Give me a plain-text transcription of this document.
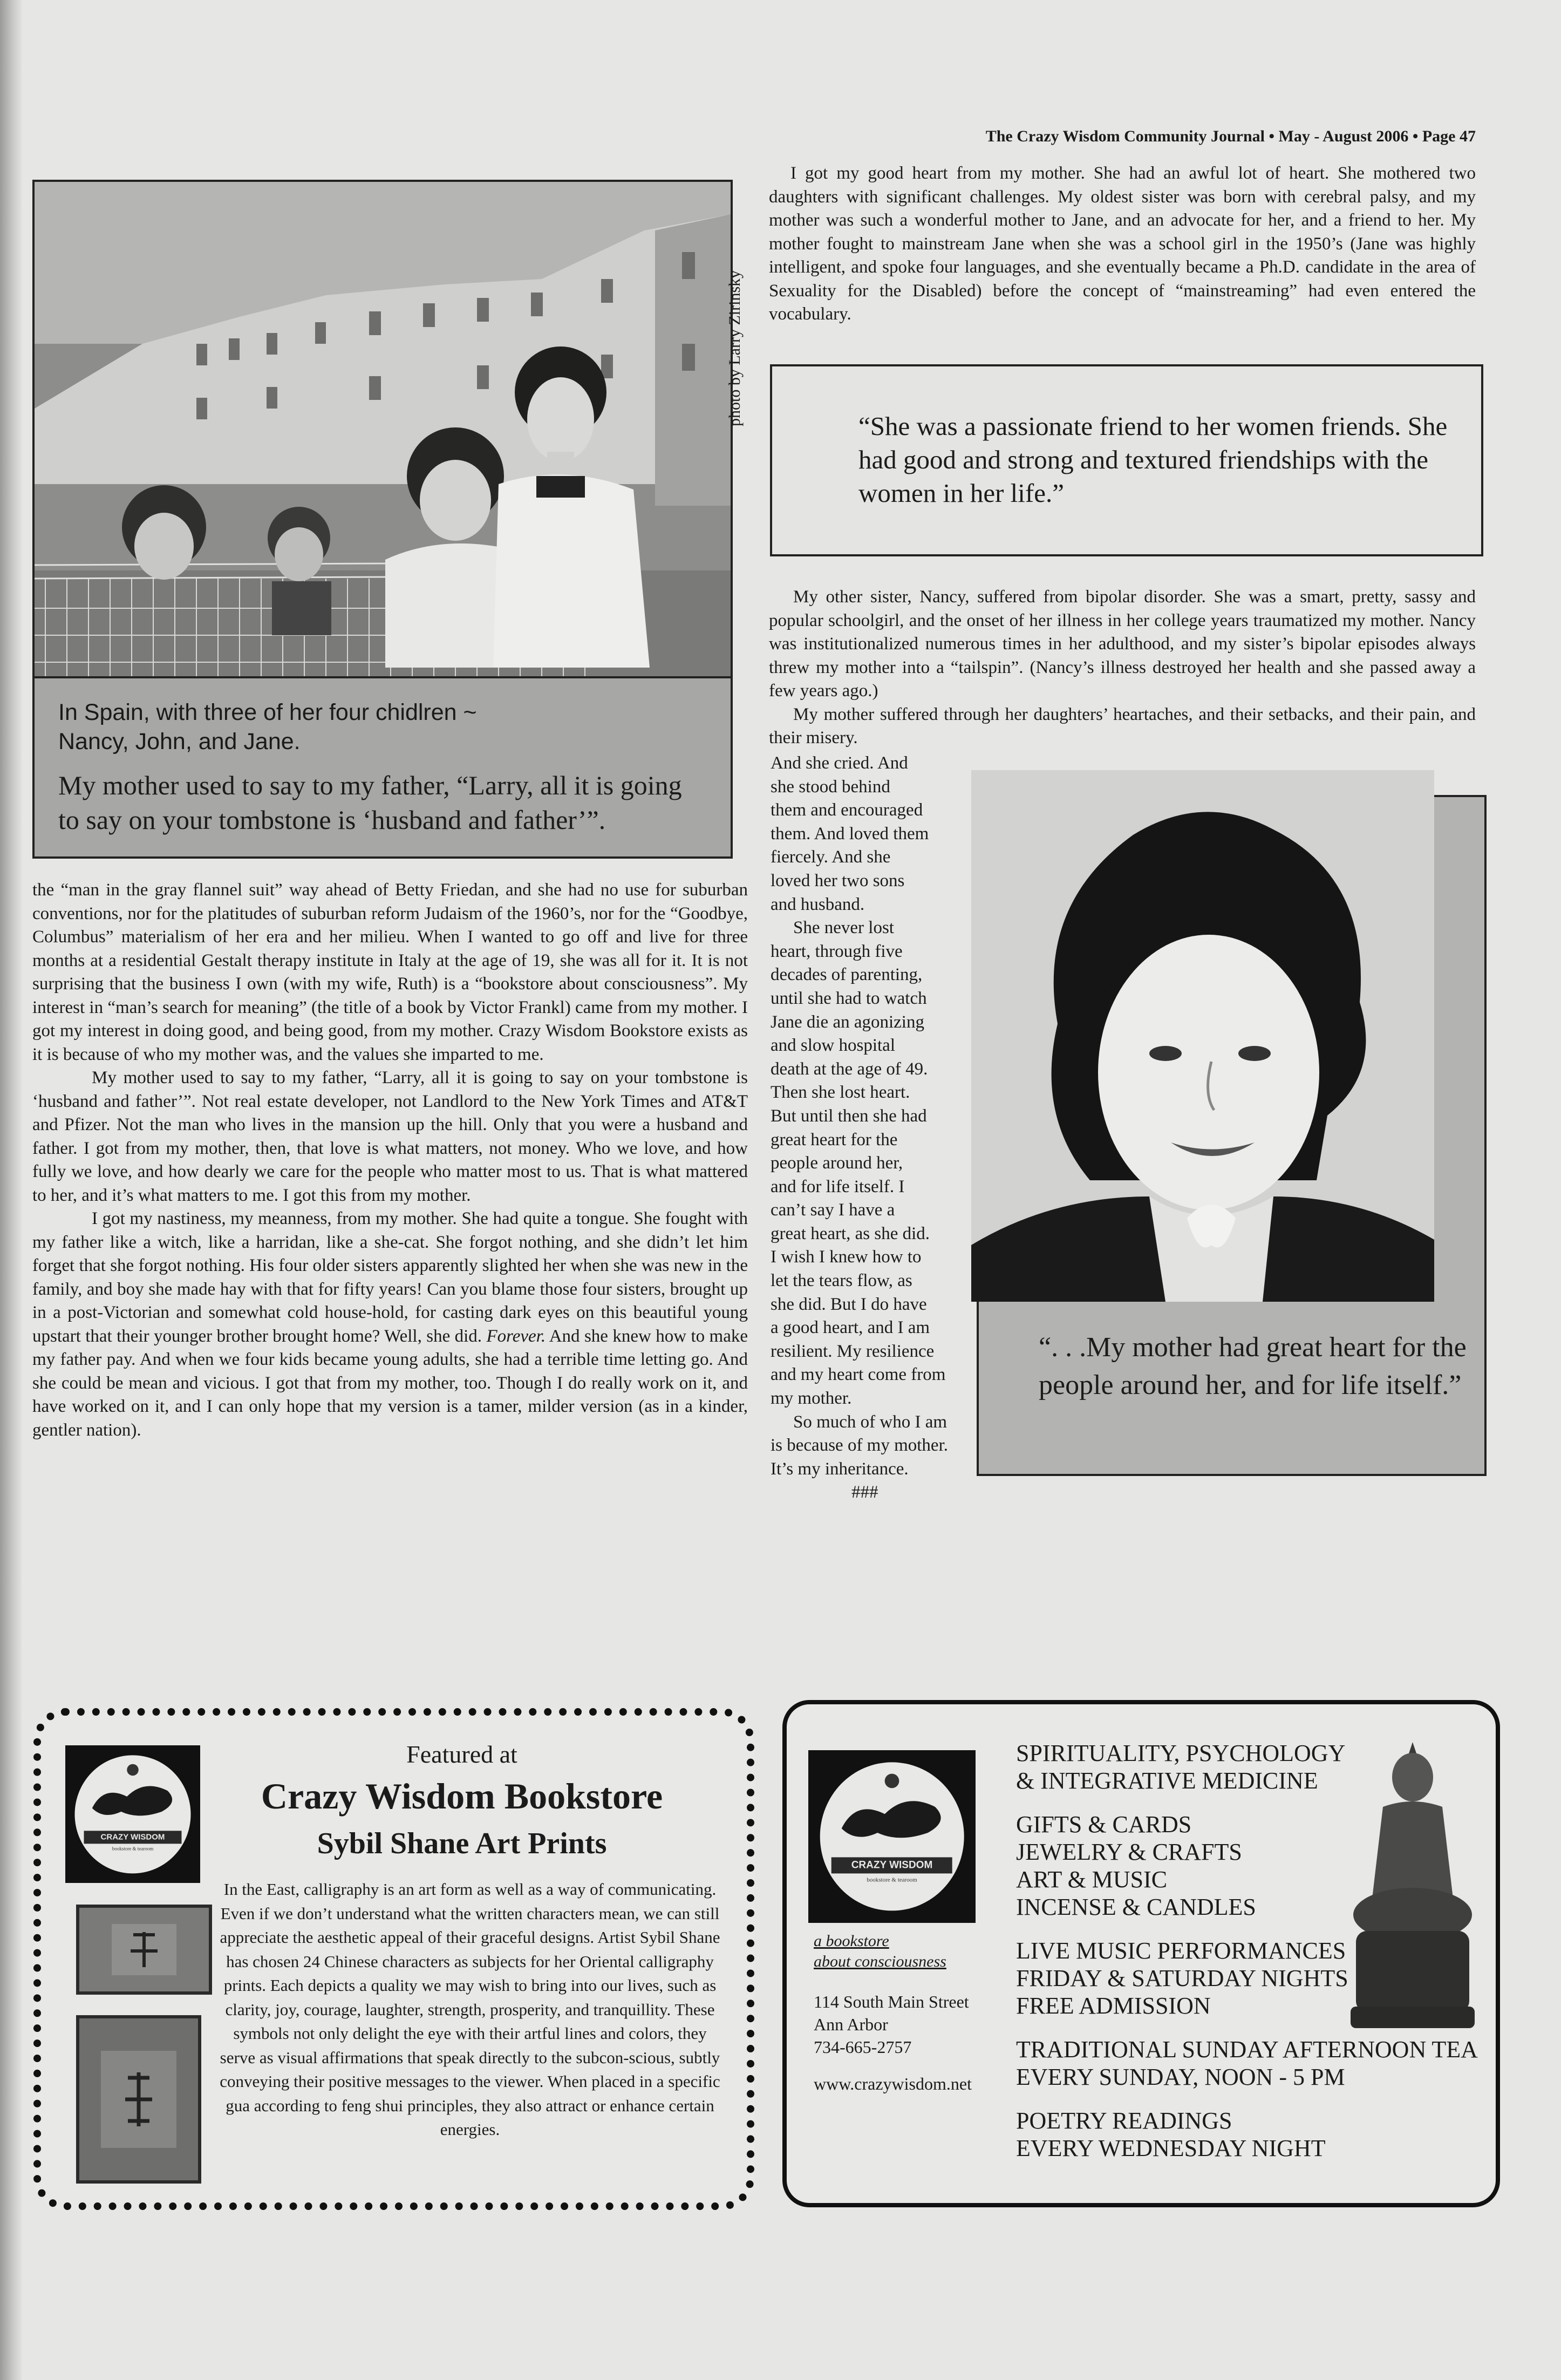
The Crazy Wisdom Community Journal • May - August 2006 • Page 47
In Spain, with three of her four chidlren ~
Nancy, John, and Jane.
My mother used to say to my father, “Larry, all it is going to say on your tombstone is ‘husband and father’”.
photo by Larry Zirinsky

the “man in the gray flannel suit” way ahead of Betty Friedan, and she had no use for suburban conventions, nor for the platitudes of suburban reform Judaism of the 1960’s, nor for the “Goodbye, Columbus” materialism of her era and her milieu. When I wanted to go off and live for three months at a residential Gestalt therapy institute in Italy at the age of 19, she was all for it. It is not surprising that the business I own (with my wife, Ruth) is a “bookstore about consciousness”. My interest in “man’s search for meaning” (the title of a book by Victor Frankl) came from my mother. I got my interest in doing good, and being good, from my mother. Crazy Wisdom Bookstore exists as it is because of who my mother was, and the values she imparted to me.

My mother used to say to my father, “Larry, all it is going to say on your tombstone is ‘husband and father’”. Not real estate developer, not Landlord to the New York Times and AT&T and Pfizer. Not the man who lives in the mansion up the hill. Only that you were a husband and father. I got from my mother, then, that love is what matters, not money. Who we love, and how fully we love, and how dearly we care for the people who matter most to us. That is what mattered to her, and it’s what matters to me. I got this from my mother.

I got my nastiness, my meanness, from my mother. She had quite a tongue. She fought with my father like a witch, like a harridan, like a she-cat. She forgot nothing, and she didn’t let him forget that she forgot nothing. His four older sisters apparently slighted her when she was new in the family, and boy she made hay with that for fifty years! Can you blame those four sisters, brought up in a post-Victorian and somewhat cold house-hold, for casting dark eyes on this beautiful young upstart that their younger brother brought home? Well, she did. Forever. And she knew how to make my father pay. And when we four kids became young adults, she had a terrible time letting go. And she could be mean and vicious. I got that from my mother, too. Though I do really work on it, and have worked on it, and I can only hope that my version is a tamer, milder version (as in a kinder, gentler nation).

I got my good heart from my mother. She had an awful lot of heart. She mothered two daughters with significant challenges. My oldest sister was born with cerebral palsy, and my mother was such a wonderful mother to Jane, and an advocate for her, and a friend to her. My mother fought to mainstream Jane when she was a school girl in the 1950’s (Jane was highly intelligent, and spoke four languages, and she eventually became a Ph.D. candidate in the area of Sexuality for the Disabled) before the concept of “mainstreaming” had even entered the vocabulary.
“She was a passionate friend to her women friends. She had good and strong and textured friendships with the women in her life.”

My other sister, Nancy, suffered from bipolar disorder. She was a smart, pretty, sassy and popular schoolgirl, and the onset of her illness in her college years traumatized my mother. Nancy was institutionalized numerous times in her adulthood, and my sister’s bipolar episodes always threw my mother into a “tailspin”. (Nancy’s illness destroyed her health and she passed away a few years ago.)

My mother suffered through her daughters’ heartaches, and their setbacks, and their pain, and their misery.

And she cried. And
she stood behind
them and encouraged
them. And loved them
fiercely. And she
loved her two sons
and husband.
She never lost
heart, through five
decades of parenting,
until she had to watch
Jane die an agonizing
and slow hospital
death at the age of 49.
Then she lost heart.
But until then she had
great heart for the
people around her,
and for life itself. I
can’t say I have a
great heart, as she did.
I wish I knew how to
let the tears flow, as
she did. But I do have
a good heart, and I am
resilient. My resilience
and my heart come from
my mother.
So much of who I am
is because of my mother.
It’s my inheritance.
###
“. . .My mother had great heart for the people around her, and for life itself.”
CRAZY WISDOM
bookstore & tearoom
Featured at
Crazy Wisdom Bookstore
Sybil Shane Art Prints
In the East, calligraphy is an art form as well as a way of communicating. Even if we don’t understand what the written characters mean, we can still appreciate the aesthetic appeal of their graceful designs. Artist Sybil Shane has chosen 24 Chinese characters as subjects for her Oriental calligraphy prints. Each depicts a quality we may wish to bring into our lives, such as clarity, joy, courage, laughter, strength, prosperity, and tranquillity. These symbols not only delight the eye with their artful lines and colors, they serve as visual affirmations that speak directly to the subcon-scious, subtly conveying their positive messages to the viewer. When placed in a specific gua according to feng shui principles, they also attract or enhance certain energies.
CRAZY WISDOM
bookstore & tearoom
a bookstore
about consciousness
114 South Main Street
Ann Arbor
734-665-2757
www.crazywisdom.net
SPIRITUALITY, PSYCHOLOGY
& INTEGRATIVE MEDICINE
GIFTS & CARDS
JEWELRY & CRAFTS
ART & MUSIC
INCENSE & CANDLES
LIVE MUSIC PERFORMANCES
FRIDAY & SATURDAY NIGHTS
FREE ADMISSION
TRADITIONAL SUNDAY AFTERNOON TEA
EVERY SUNDAY, NOON - 5 PM
POETRY READINGS
EVERY WEDNESDAY NIGHT
